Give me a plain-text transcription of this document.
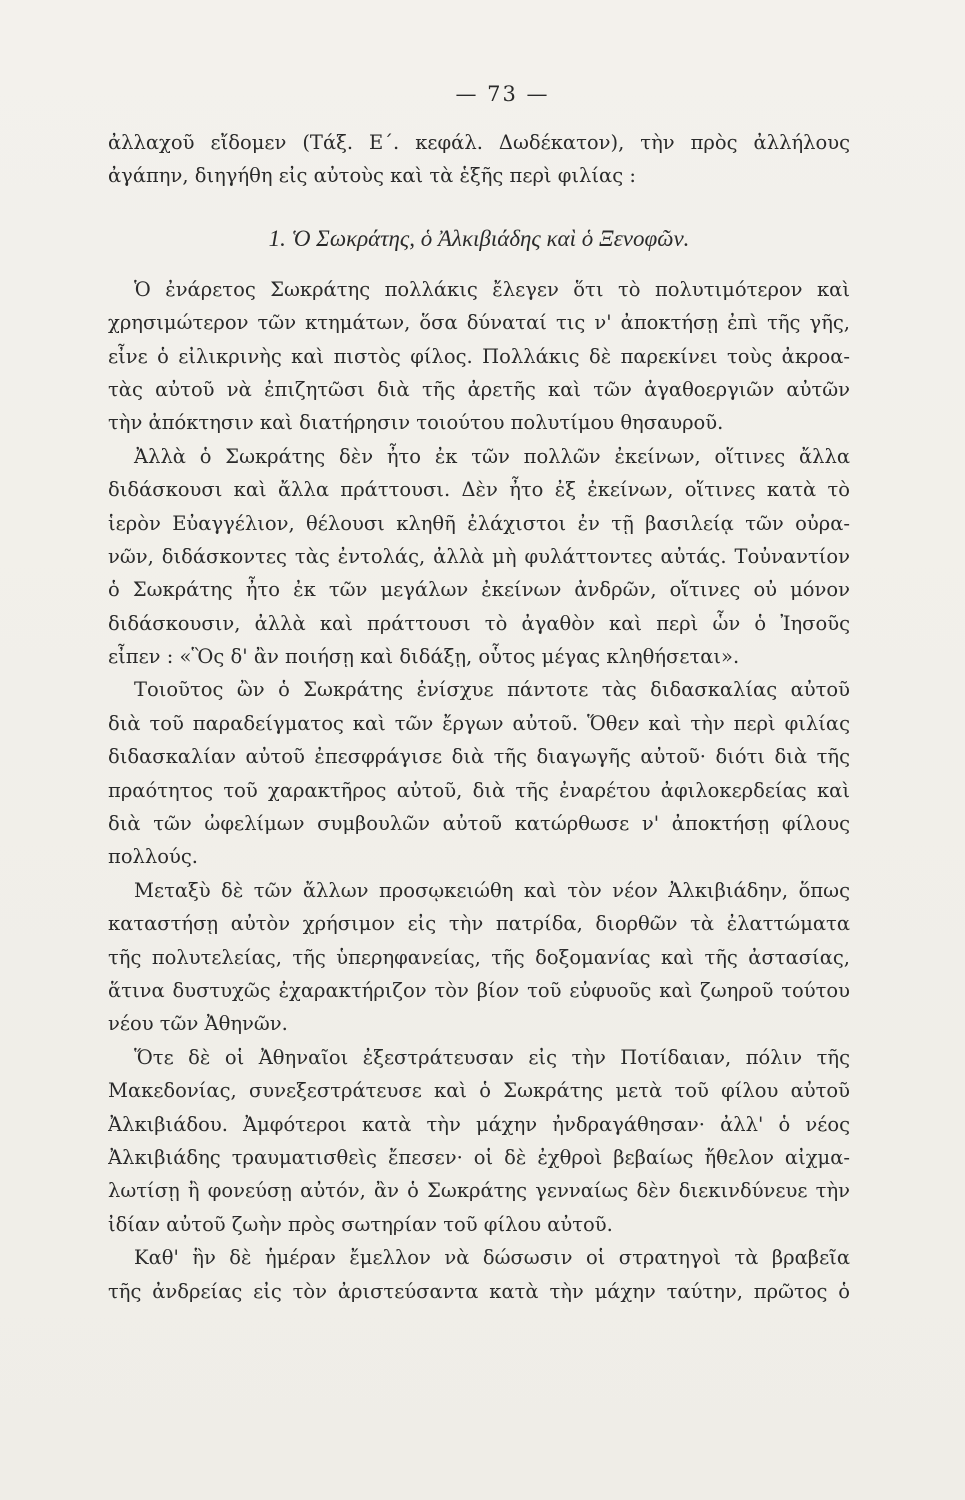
— 73 —
ἀλλαχοῦ εἴδομεν (Τάξ. Ε΄. κεφάλ. Δωδέκατον), τὴν πρὸς ἀλλήλους
ἀγάπην, διηγήθη εἰς αὐτοὺς καὶ τὰ ἑξῆς περὶ φιλίας :
1. Ὁ Σωκράτης, ὁ Ἀλκιβιάδης καὶ ὁ Ξενοφῶν.
Ὁ ἐνάρετος Σωκράτης πολλάκις ἔλεγεν ὅτι τὸ πολυτιμότερον καὶ
χρησιμώτερον τῶν κτημάτων, ὅσα δύναταί τις ν' ἀποκτήσῃ ἐπὶ τῆς γῆς,
εἶνε ὁ εἰλικρινὴς καὶ πιστὸς φίλος. Πολλάκις δὲ παρεκίνει τοὺς ἀκροα-
τὰς αὐτοῦ νὰ ἐπιζητῶσι διὰ τῆς ἀρετῆς καὶ τῶν ἀγαθοεργιῶν αὐτῶν
τὴν ἀπόκτησιν καὶ διατήρησιν τοιούτου πολυτίμου θησαυροῦ.
Ἀλλὰ ὁ Σωκράτης δὲν ἦτο ἐκ τῶν πολλῶν ἐκείνων, οἵτινες ἄλλα
διδάσκουσι καὶ ἄλλα πράττουσι. Δὲν ἦτο ἐξ ἐκείνων, οἵτινες κατὰ τὸ
ἱερὸν Εὐαγγέλιον, θέλουσι κληθῆ ἐλάχιστοι ἐν τῇ βασιλείᾳ τῶν οὐρα-
νῶν, διδάσκοντες τὰς ἐντολάς, ἀλλὰ μὴ φυλάττοντες αὐτάς. Τοὐναντίον
ὁ Σωκράτης ἦτο ἐκ τῶν μεγάλων ἐκείνων ἀνδρῶν, οἵτινες οὐ μόνον
διδάσκουσιν, ἀλλὰ καὶ πράττουσι τὸ ἀγαθὸν καὶ περὶ ὧν ὁ Ἰησοῦς
εἶπεν : «Ὃς δ' ἂν ποιήσῃ καὶ διδάξῃ, οὗτος μέγας κληθήσεται».
Τοιοῦτος ὢν ὁ Σωκράτης ἐνίσχυε πάντοτε τὰς διδασκαλίας αὐτοῦ
διὰ τοῦ παραδείγματος καὶ τῶν ἔργων αὐτοῦ. Ὅθεν καὶ τὴν περὶ φιλίας
διδασκαλίαν αὐτοῦ ἐπεσφράγισε διὰ τῆς διαγωγῆς αὐτοῦ· διότι διὰ τῆς
πραότητος τοῦ χαρακτῆρος αὐτοῦ, διὰ τῆς ἐναρέτου ἀφιλοκερδείας καὶ
διὰ τῶν ὠφελίμων συμβουλῶν αὐτοῦ κατώρθωσε ν' ἀποκτήσῃ φίλους
πολλούς.
Μεταξὺ δὲ τῶν ἄλλων προσῳκειώθη καὶ τὸν νέον Ἀλκιβιάδην, ὅπως
καταστήσῃ αὐτὸν χρήσιμον εἰς τὴν πατρίδα, διορθῶν τὰ ἐλαττώματα
τῆς πολυτελείας, τῆς ὑπερηφανείας, τῆς δοξομανίας καὶ τῆς ἀστασίας,
ἅτινα δυστυχῶς ἐχαρακτήριζον τὸν βίον τοῦ εὐφυοῦς καὶ ζωηροῦ τούτου
νέου τῶν Ἀθηνῶν.
Ὅτε δὲ οἱ Ἀθηναῖοι ἐξεστράτευσαν εἰς τὴν Ποτίδαιαν, πόλιν τῆς
Μακεδονίας, συνεξεστράτευσε καὶ ὁ Σωκράτης μετὰ τοῦ φίλου αὐτοῦ
Ἀλκιβιάδου. Ἀμφότεροι κατὰ τὴν μάχην ἠνδραγάθησαν· ἀλλ' ὁ νέος
Ἀλκιβιάδης τραυματισθεὶς ἔπεσεν· οἱ δὲ ἐχθροὶ βεβαίως ἤθελον αἰχμα-
λωτίσῃ ἢ φονεύσῃ αὐτόν, ἂν ὁ Σωκράτης γενναίως δὲν διεκινδύνευε τὴν
ἰδίαν αὐτοῦ ζωὴν πρὸς σωτηρίαν τοῦ φίλου αὐτοῦ.
Καθ' ἣν δὲ ἡμέραν ἔμελλον νὰ δώσωσιν οἱ στρατηγοὶ τὰ βραβεῖα
τῆς ἀνδρείας εἰς τὸν ἀριστεύσαντα κατὰ τὴν μάχην ταύτην, πρῶτος ὁ
